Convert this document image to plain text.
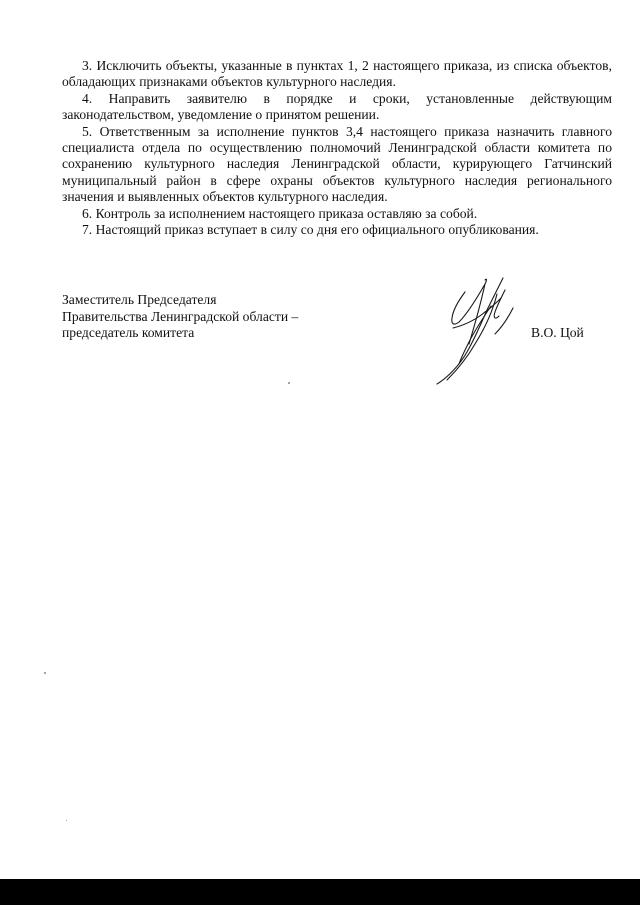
3. Исключить объекты, указанные в пунктах 1, 2 настоящего приказа, из списка объектов, обладающих признаками объектов культурного наследия.

4. Направить заявителю в порядке и сроки, установленные действующим законодательством, уведомление о принятом решении.

5. Ответственным за исполнение пунктов 3,4 настоящего приказа назначить главного специалиста отдела по осуществлению полномочий Ленинградской области комитета по сохранению культурного наследия Ленинградской области, курирующего Гатчинский муниципальный район в сфере охраны объектов культурного наследия регионального значения и выявленных объектов культурного наследия.

6. Контроль за исполнением настоящего приказа оставляю за собой.

7. Настоящий приказ вступает в силу со дня его официального опубликования.

Заместитель Председателя
Правительства Ленинградской области –
председатель комитета	В.О. Цой
